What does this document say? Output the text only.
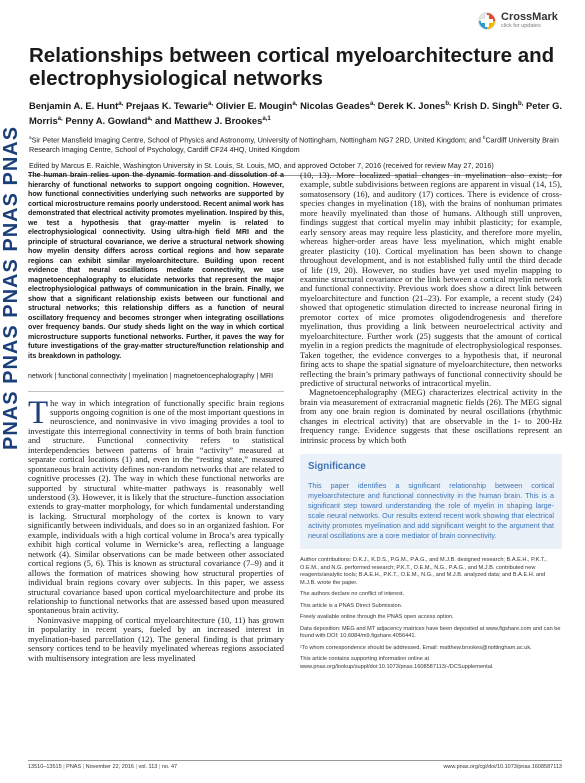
PNAS PNAS PNAS PNAS PNAS
CrossMark
click for updates
Relationships between cortical myeloarchitecture and electrophysiological networks
Benjamin A. E. Hunt$^{a,}$ Prejaas K. Tewarie$^{a,}$ Olivier E. Mougin$^{a,}$ Nicolas Geades$^{a,}$ Derek K. Jones$^{b,}$ Krish D. Singh$^{b,}$ Peter G. Morris$^{a,}$ Penny A. Gowland$^{a,}$ and Matthew J. Brookes$^{a,1}$
$^a$Sir Peter Mansfield Imaging Centre, School of Physics and Astronomy, University of Nottingham, Nottingham NG7 2RD, United Kingdom; and $^b$Cardiff University Brain Research Imaging Centre, School of Psychology, Cardiff CF24 4HQ, United Kingdom
Edited by Marcus E. Raichle, Washington University in St. Louis, St. Louis, MO, and approved October 7, 2016 (received for review May 27, 2016)
The human brain relies upon the dynamic formation and dissolution of a hierarchy of functional networks to support ongoing cognition. However, how functional connectivities underlying such networks are supported by cortical microstructure remains poorly understood. Recent animal work has demonstrated that electrical activity promotes myelination. Inspired by this, we test a hypothesis that gray-matter myelin is related to electrophysiological connectivity. Using ultra-high field MRI and the principle of structural covariance, we derive a structural network showing how myelin density differs across cortical regions and how separate regions can exhibit similar myeloarchitecture. Building upon recent evidence that neural oscillations mediate connectivity, we use magnetoencephalography to elucidate networks that represent the major electrophysiological pathways of communication in the brain. Finally, we show that a significant relationship exists between our functional and structural networks; this relationship differs as a function of neural oscillatory frequency and becomes stronger when integrating oscillations over frequency bands. Our study sheds light on the way in which cortical microstructure supports functional networks. Further, it paves the way for future investigations of the gray-matter structure/function relationship and its breakdown in pathology.
network | functional connectivity | myelination | magnetoencephalography | MRI

The way in which integration of functionally specific brain regions supports ongoing cognition is one of the most important questions in neuroscience, and noninvasive in vivo imaging provides a tool to investigate this interregional connectivity in terms of both brain function and structure. Functional connectivity refers to statistical interdependencies between patterns of brain “activity” measured at separate cortical locations (1) and, even in the “resting state,” measured spontaneous brain activity defines non-random networks that are related to cognitive processes (2). The way in which these functional networks are supported by structural white-matter pathways is reasonably well understood (3). However, it is likely that the structure–function association extends to gray-matter morphology, for which fundamental understanding is lacking. Structural morphology of the cortex is known to vary significantly between individuals, and does so in an organized fashion. For example, individuals with a high cortical volume in Broca’s area typically exhibit high cortical volume in Wernicke’s area, reflecting a language network (4). Similar observations can be made between other associated cortical regions (5, 6). This is known as structural covariance (7–9) and it allows the formation of matrices showing how structural properties of individual brain regions covary over subjects. In this paper, we assess structural covariance based upon cortical myeloarchitecture and probe its relationship to functional networks that are assessed based upon measured spontaneous brain activity.

Noninvasive mapping of cortical myeloarchitecture (10, 11) has grown in popularity in recent years, fueled by an increased interest in myelination-based parcellation (12). The general finding is that primary sensory cortices tend to be heavily myelinated whereas regions associated with multisensory integration are less myelinated

(10, 13). More localized spatial changes in myelination also exist; for example, subtle subdivisions between regions are apparent in visual (14, 15), somatosensory (16), and auditory (17) cortices. There is evidence of cross-species changes in myelination (18), with the brains of nonhuman primates more heavily myelinated than those of humans. Although still unproven, findings suggest that cortical myelin may inhibit plasticity; for example, early sensory areas may require less plasticity, and therefore more myelin, whereas higher-order areas have less myelination, which might enable greater plasticity (10). Cortical myelination has been shown to change throughout development, and is not established fully until the third decade of life (19, 20). However, no studies have yet used myelin mapping to examine structural covariance or the link between a cortical myelin network and functional connectivity. Previous work does show a direct link between myeloarchitecture and function (21–23). For example, a recent study (24) showed that optogenetic stimulation directed to increase neuronal firing in premotor cortex of mice promotes oligodendrogenesis and therefore myelination, thus providing a link between neuroelectrical activity and myeloarchitecture. Further work (25) suggests that the amount of cortical myelin in a region predicts the magnitude of electrophysiological responses. Taken together, the evidence converges to a hypothesis that, if neuronal firing acts to shape the spatial signature of myeloarchitecture, then networks reflecting the brain’s primary pathways of functional connectivity should be predictive of structural networks of intracortical myelin.

Magnetoencephalography (MEG) characterizes electrical activity in the brain via measurement of extracranial magnetic fields (26). The MEG signal from any one brain region is dominated by neural oscillations (rhythmic changes in electrical activity) that are observable in the 1- to 200-Hz frequency range. Evidence suggests that these oscillations represent an intrinsic process by which both

Significance
This paper identifies a significant relationship between cortical myeloarchitecture and functional connectivity in the human brain. This is a significant step toward understanding the role of myelin in shaping large-scale neural networks. Our results extend recent work showing that electrical activity promotes myelination and add significant weight to the argument that neural oscillations are a core mediator of brain connectivity.

Author contributions: D.K.J., K.D.S., P.G.M., P.A.G., and M.J.B. designed research; B.A.E.H., P.K.T., O.E.M., and N.G. performed research; P.K.T., O.E.M., N.G., P.A.G., and M.J.B. contributed new reagents/analytic tools; B.A.E.H., P.K.T., O.E.M., N.G., and M.J.B. analyzed data; and B.A.E.H. and M.J.B. wrote the paper.

The authors declare no conflict of interest.

This article is a PNAS Direct Submission.

Freely available online through the PNAS open access option.

Data deposition: MEG and MT adjacency matrices have been deposited at www.figshare.com and can be found with DOI: 10.6084/m9.figshare.4056441.

¹To whom correspondence should be addressed. Email: matthew.brookes@nottingham.ac.uk.

This article contains supporting information online at www.pnas.org/lookup/suppl/doi:10.1073/pnas.1608587113/-/DCSupplemental.

13510–13515 | PNAS | November 22, 2016 | vol. 113 | no. 47	www.pnas.org/cgi/doi/10.1073/pnas.1608587113
